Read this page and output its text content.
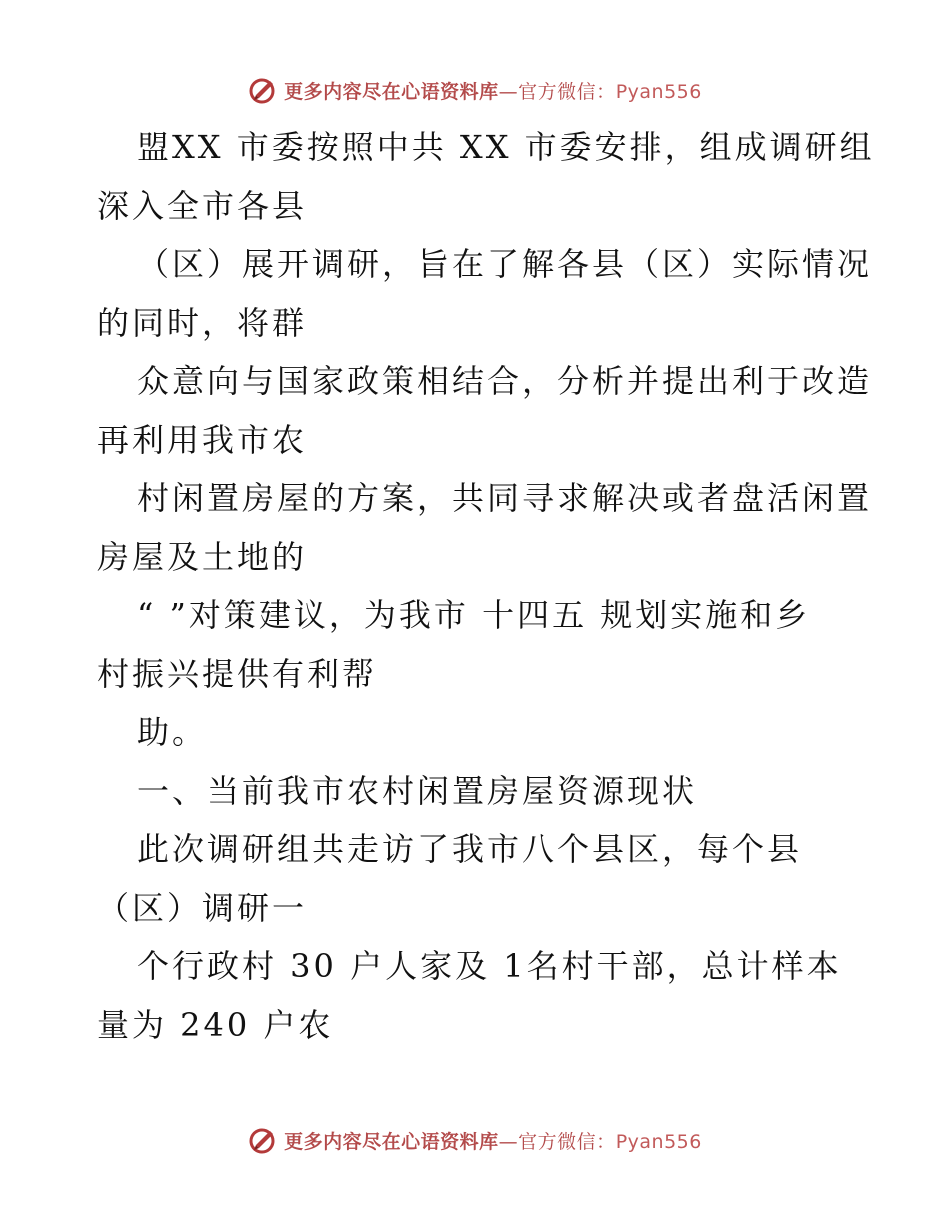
更多内容尽在心语资料库—官方微信：Pyan556
盟XX 市委按照中共 XX 市委安排，组成调研组
深入全市各县
（区）展开调研，旨在了解各县（区）实际情况
的同时，将群
众意向与国家政策相结合，分析并提出利于改造
再利用我市农
村闲置房屋的方案，共同寻求解决或者盘活闲置
房屋及土地的
“ ”对策建议，为我市 十四五 规划实施和乡
村振兴提供有利帮
助。
一、当前我市农村闲置房屋资源现状
此次调研组共走访了我市八个县区，每个县
（区）调研一
个行政村 30 户人家及 1名村干部，总计样本
量为 240 户农
更多内容尽在心语资料库—官方微信：Pyan556
